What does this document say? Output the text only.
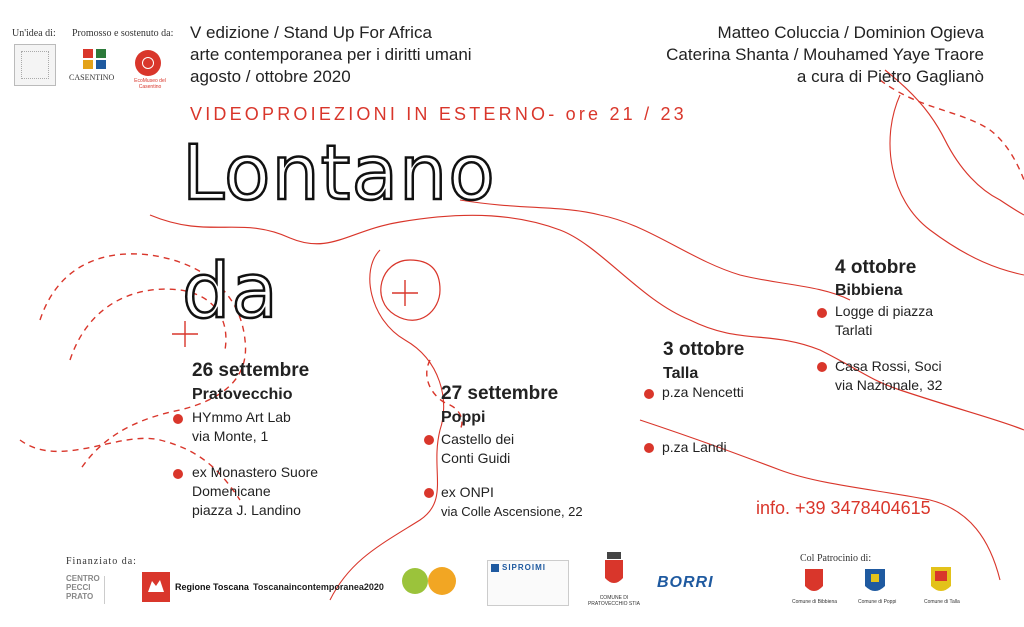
Un'idea di: Promosso e sostenuto da:
CASENTINO	EcoMuseo del Casentino
V edizione / Stand Up For Africa
arte contemporanea per i diritti umani
agosto / ottobre 2020
Matteo Coluccia / Dominion Ogieva
Caterina Shanta / Mouhamed Yaye Traore
a cura di Pietro Gaglianò
VIDEOPROIEZIONI IN ESTERNO- ore 21 / 23
Lontano
da
26 settembre
Pratovecchio
HYmmo Art Lab
via Monte, 1
ex Monastero Suore
Domenicane
piazza J. Landino
27 settembre
Poppi
Castello dei
Conti Guidi
ex ONPI
via Colle Ascensione, 22
3 ottobre
Talla
p.za Nencetti
p.za Landi
4 ottobre
Bibbiena
Logge di piazza
Tarlati
Casa Rossi, Soci
via Nazionale, 32
info. +39 3478404615
Finanziato da:
CENTRO PECCI PRATO
Regione Toscana Toscanaincontemporanea2020
SIPROIMI
COMUNE DI PRATOVECCHIO STIA
BORRI
Col Patrocinio di:
Comune di Bibbiena	Comune di Poppi	Comune di Talla
